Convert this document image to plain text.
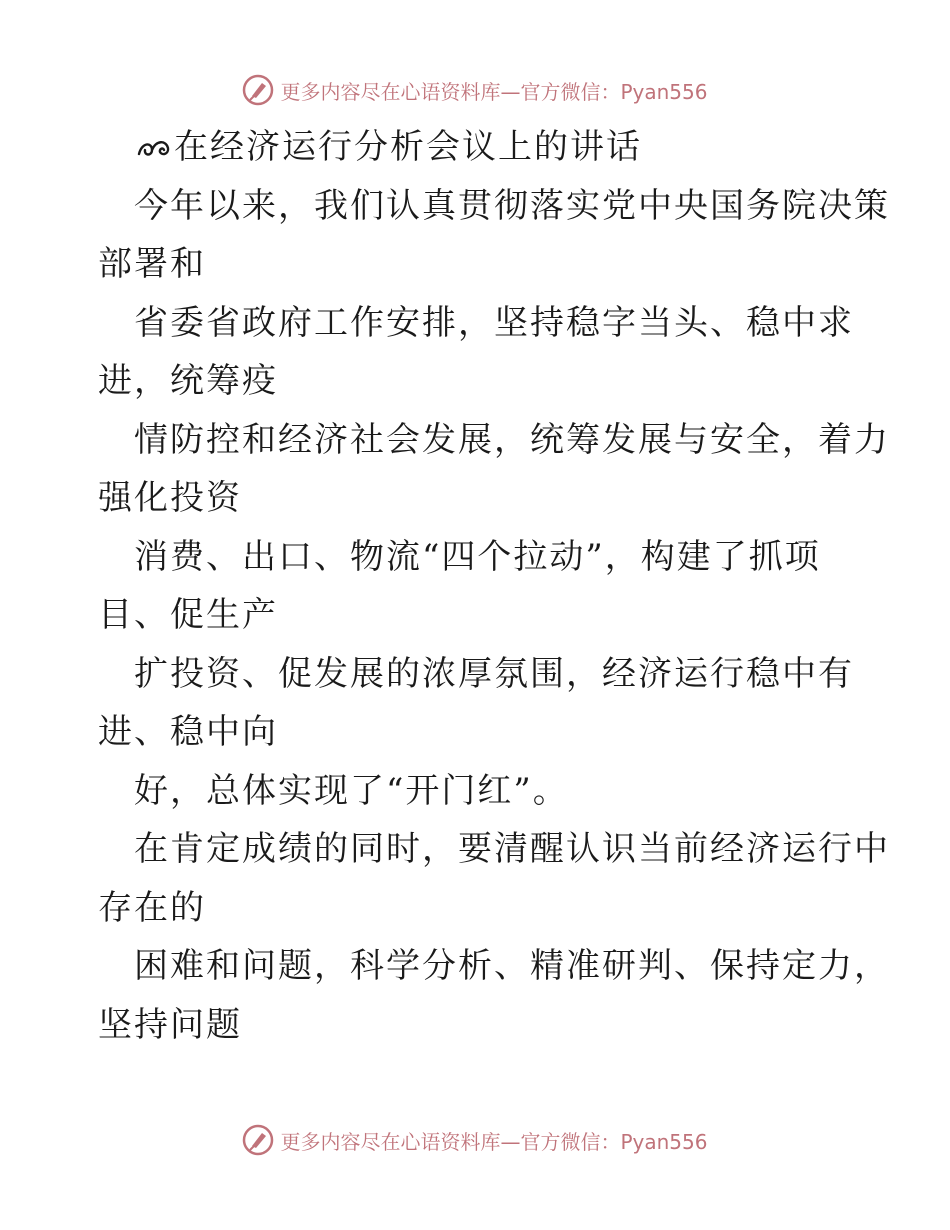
更多内容尽在心语资料库—官方微信：Pyan556
在经济运行分析会议上的讲话
今年以来，我们认真贯彻落实党中央国务院决策
部署和
省委省政府工作安排，坚持稳字当头、稳中求
进，统筹疫
情防控和经济社会发展，统筹发展与安全，着力
强化投资
消费、出口、物流“四个拉动”，构建了抓项
目、促生产
扩投资、促发展的浓厚氛围，经济运行稳中有
进、稳中向
好，总体实现了“开门红”。
在肯定成绩的同时，要清醒认识当前经济运行中
存在的
困难和问题，科学分析、精准研判、保持定力，
坚持问题
更多内容尽在心语资料库—官方微信：Pyan556
